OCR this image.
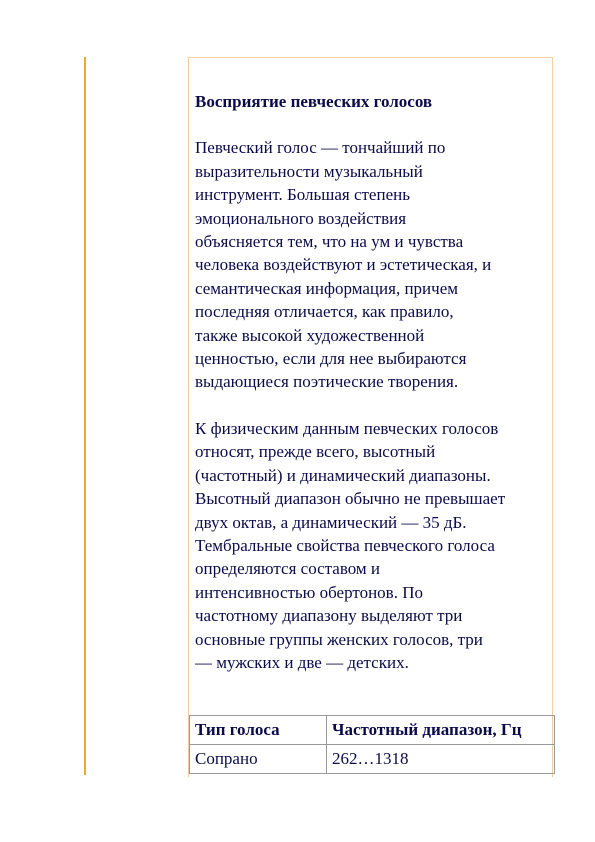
Восприятие певческих голосов

Певческий голос — тончайший по
выразительности музыкальный
инструмент. Большая степень
эмоционального воздействия
объясняется тем, что на ум и чувства
человека воздействуют и эстетическая, и
семантическая информация, причем
последняя отличается, как правило,
также высокой художественной
ценностью, если для нее выбираются
выдающиеся поэтические творения.

К физическим данным певческих голосов
относят, прежде всего, высотный
(частотный) и динамический диапазоны.
Высотный диапазон обычно не превышает
двух октав, а динамический — 35 дБ.
Тембральные свойства певческого голоса
определяются составом и
интенсивностью обертонов. По
частотному диапазону выделяют три
основные группы женских голосов, три
— мужских и две — детских.

Тип голоса	Частотный диапазон, Гц
Сопрано	262…1318
